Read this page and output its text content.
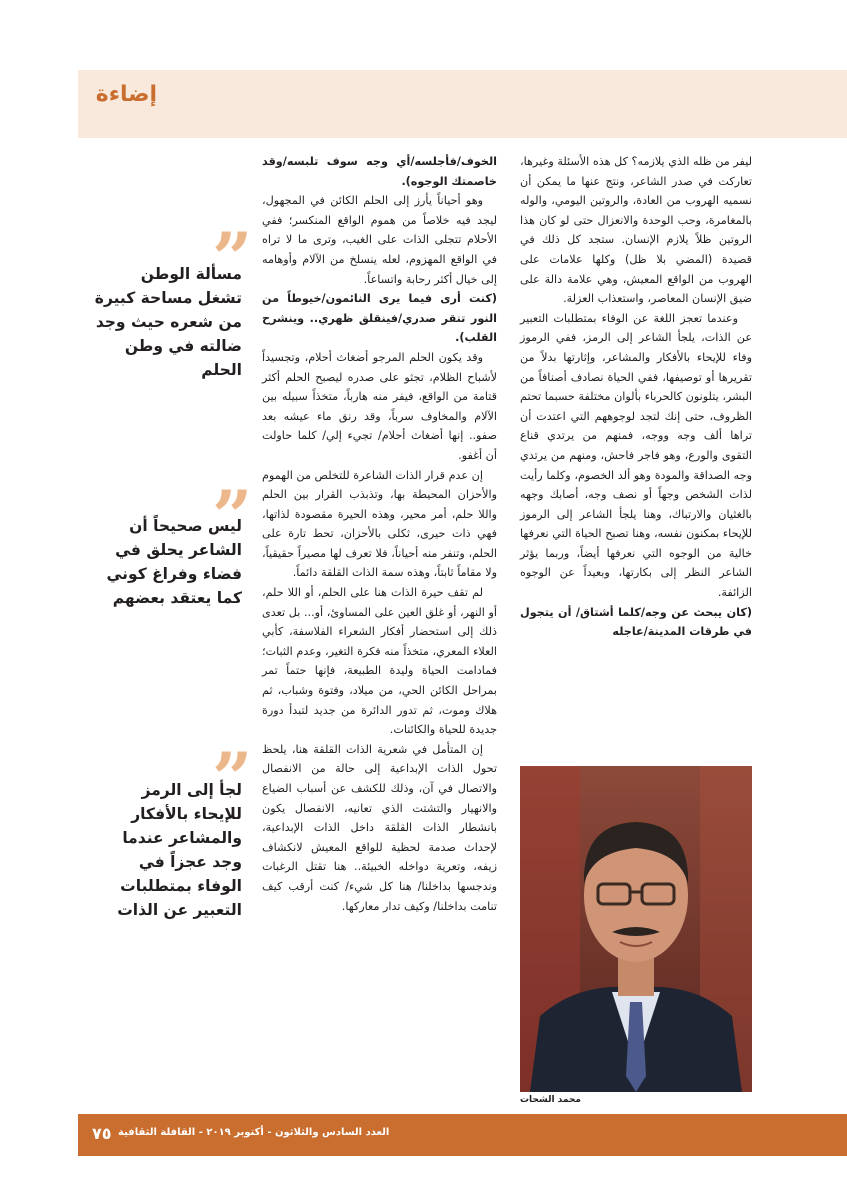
إضاءة

ليفر من ظله الذي يلازمه؟ كل هذه الأسئلة وغيرها، تعاركت في صدر الشاعر، ونتج عنها ما يمكن أن نسميه الهروب من العادة، والروتين اليومي، والوله بالمغامرة، وحب الوحدة والانعزال حتى لو كان هذا الروتين ظلاً يلازم الإنسان. ستجد كل ذلك في قصيدة (المضي بلا ظل) وكلها علامات على الهروب من الواقع المعيش، وهي علامة دالة على ضيق الإنسان المعاصر، واستعذاب العزلة.

وعندما تعجز اللغة عن الوفاء بمتطلبات التعبير عن الذات، يلجأ الشاعر إلى الرمز، ففي الرموز وفاء للإيحاء بالأفكار والمشاعر، وإثارتها بدلاً من تقريرها أو توصيفها، ففي الحياة نصادف أصنافاً من البشر، يتلونون كالحرباء بألوان مختلفة حسبما تحتم الظروف، حتى إنك لتجد لوجوههم التي اعتدت أن تراها ألف وجه ووجه، فمنهم من يرتدي قناع التقوى والورع، وهو فاجر فاحش، ومنهم من يرتدي وجه الصداقة والمودة وهو ألد الخصوم، وكلما رأيت لذات الشخص وجهاً أو نصف وجه، أصابك وجهه بالغثيان والارتباك، وهنا يلجأ الشاعر إلى الرموز للإيحاء بمكنون نفسه، وهنا تصبح الحياة التي نعرفها خالية من الوجوه التي نعرفها أيضاً، وربما يؤثر الشاعر النظر إلى بكارتها، وبعيداً عن الوجوه الزائفة.

(كان يبحث عن وجه/كلما أشتاق/ أن يتجول في طرقات المدينة/عاجله

الخوف/فأجلسه/أي وجه سوف تلبسه/وقد خاصمتك الوجوه).

وهو أحياناً يأرز إلى الحلم الكائن في المجهول، ليجد فيه خلاصاً من هموم الواقع المنكسر؛ ففي الأحلام تتجلى الذات على الغيب، وترى ما لا تراه في الواقع المهزوم، لعله ينسلخ من الآلام وأوهامه إلى خيال أكثر رحابة واتساعاً.

(كنت أرى فيما يرى النائمون/خيوطاً من النور تنقر صدري/فينقلق ظهري.. وينشرح القلب).

وقد يكون الحلم المرجو أضغاث أحلام، وتجسيداً لأشباح الظلام، تجثو على صدره ليصبح الحلم أكثر قتامة من الواقع، فيفر منه هارباً، متخذاً سبيله بين الآلام والمخاوف سرباً، وقد رنق ماء عيشه بعد صفو.. إنها أضغاث أحلام/ تجيء إلي/ كلما حاولت أن أغفو.

إن عدم قرار الذات الشاعرة للتخلص من الهموم والأحزان المحيطة بها، وتذبذب القرار بين الحلم واللا حلم، أمر محير، وهذه الحيرة مقصودة لذاتها، فهي ذات حيرى، ثكلى بالأحزان، تحط تارة على الحلم، وتنفر منه أحياناً، فلا تعرف لها مصيراً حقيقياً، ولا مقاماً ثابتاً، وهذه سمة الذات القلقة دائماً.

لم تقف حيرة الذات هنا على الحلم، أو اللا حلم، أو النهر، أو غلق العين على المساوئ، أو... بل تعدى ذلك إلى استحضار أفكار الشعراء الفلاسفة، كأبي العلاء المعري، متخذاً منه فكرة التغير، وعدم الثبات؛ فمادامت الحياة وليدة الطبيعة، فإنها حتماً تمر بمراحل الكائن الحي، من ميلاد، وفتوة وشباب، ثم هلاك وموت، ثم تدور الدائرة من جديد لتبدأ دورة جديدة للحياة والكائنات.

إن المتأمل في شعرية الذات القلقة هنا، يلحظ تحول الذات الإبداعية إلى حالة من الانفصال والاتصال في آن، وذلك للكشف عن أسباب الضياع والانهيار والتشتت الذي تعانيه، الانفصال يكون بانشطار الذات القلقة داخل الذات الإبداعية، لإحداث صدمة لحظية للواقع المعيش لانكشاف زيفه، وتعرية دواخله الخبيئة.. هنا تقتل الرغبات وندجسها بداخلنا/ هنا كل شيء/ كنت أرقب كيف تنامت بداخلنا/ وكيف تدار معاركها.

”
مسألة الوطن تشغل مساحة كبيرة من شعره حيث وجد ضالته في وطن الحلم
”
ليس صحيحاً أن الشاعر يحلق في فضاء وفراغ كوني كما يعتقد بعضهم
”
لجأ إلى الرمز للإيحاء بالأفكار والمشاعر عندما وجد عجزاً في الوفاء بمتطلبات التعبير عن الذات
محمد الشحات
العدد السادس والثلاثون - أكتوبر ٢٠١٩ - القافلة الثقافية
٧٥
